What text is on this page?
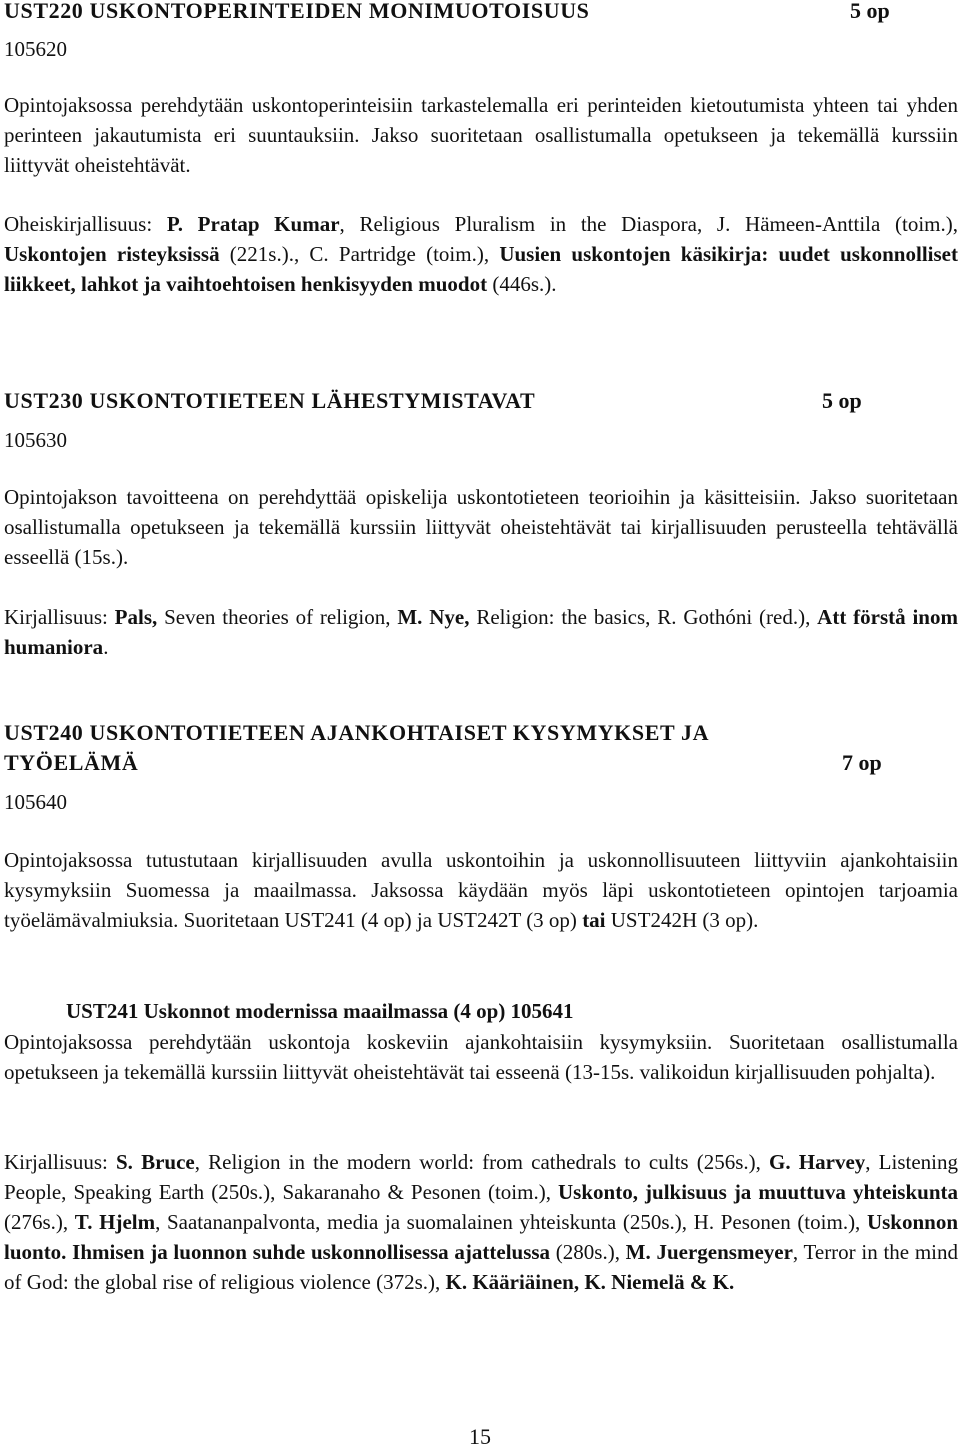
UST220 USKONTOPERINTEIDEN MONIMUOTOISUUS	5 op
105620

Opintojaksossa perehdytään uskontoperinteisiin tarkastelemalla eri perinteiden kietoutumista yhteen tai yhden perinteen jakautumista eri suuntauksiin. Jakso suoritetaan osallistumalla opetukseen ja tekemällä kurssiin liittyvät oheistehtävät.

Oheiskirjallisuus: P. Pratap Kumar, Religious Pluralism in the Diaspora, J. Hämeen-Anttila (toim.), Uskontojen risteyksissä (221s.)., C. Partridge (toim.), Uusien uskontojen käsikirja: uudet uskonnolliset liikkeet, lahkot ja vaihtoehtoisen henkisyyden muodot (446s.).

UST230 USKONTOTIETEEN LÄHESTYMISTAVAT	5 op
105630

Opintojakson tavoitteena on perehdyttää opiskelija uskontotieteen teorioihin ja käsitteisiin. Jakso suoritetaan osallistumalla opetukseen ja tekemällä kurssiin liittyvät oheistehtävät tai kirjallisuuden perusteella tehtävällä esseellä (15s.).

Kirjallisuus: Pals, Seven theories of religion, M. Nye, Religion: the basics, R. Gothóni (red.), Att förstå inom humaniora.

UST240 USKONTOTIETEEN AJANKOHTAISET KYSYMYKSET JA
TYÖELÄMÄ	7 op
105640

Opintojaksossa tutustutaan kirjallisuuden avulla uskontoihin ja uskonnollisuuteen liittyviin ajankohtaisiin kysymyksiin Suomessa ja maailmassa. Jaksossa käydään myös läpi uskontotieteen opintojen tarjoamia työelämävalmiuksia. Suoritetaan UST241 (4 op) ja UST242T (3 op) tai UST242H (3 op).

UST241 Uskonnot modernissa maailmassa (4 op) 105641

Opintojaksossa perehdytään uskontoja koskeviin ajankohtaisiin kysymyksiin. Suoritetaan osallistumalla opetukseen ja tekemällä kurssiin liittyvät oheistehtävät tai esseenä (13-15s. valikoidun kirjallisuuden pohjalta).

Kirjallisuus: S. Bruce, Religion in the modern world: from cathedrals to cults (256s.), G. Harvey, Listening People, Speaking Earth (250s.), Sakaranaho & Pesonen (toim.), Uskonto, julkisuus ja muuttuva yhteiskunta (276s.), T. Hjelm, Saatananpalvonta, media ja suomalainen yhteiskunta (250s.), H. Pesonen (toim.), Uskonnon luonto. Ihmisen ja luonnon suhde uskonnollisessa ajattelussa (280s.), M. Juergensmeyer, Terror in the mind of God: the global rise of religious violence (372s.), K. Kääriäinen, K. Niemelä & K.

15
